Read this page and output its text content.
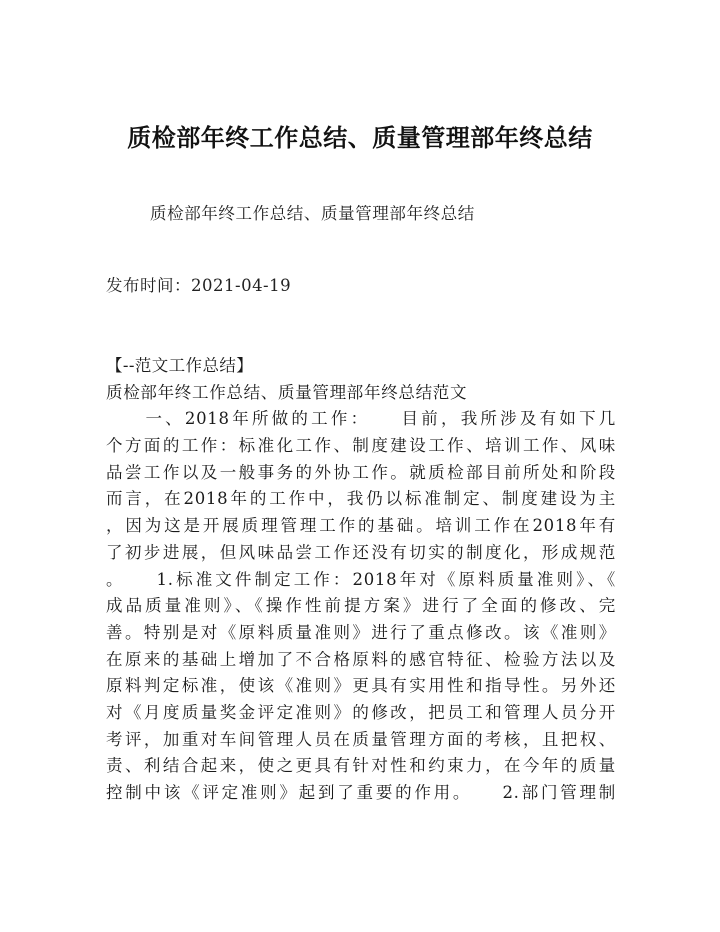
质检部年终工作总结、质量管理部年终总结
质检部年终工作总结、质量管理部年终总结
发布时间：2021-04-19
【--范文工作总结】
质检部年终工作总结、质量管理部年终总结范文
　　一、2018年所做的工作：　　目前，我所涉及有如下几
个方面的工作：标准化工作、制度建设工作、培训工作、风味
品尝工作以及一般事务的外协工作。就质检部目前所处和阶段
而言，在2018年的工作中，我仍以标准制定、制度建设为主
，因为这是开展质理管理工作的基础。培训工作在2018年有
了初步进展，但风味品尝工作还没有切实的制度化，形成规范
。　　1.标准文件制定工作：2018年对《原料质量准则》、《
成品质量准则》、《操作性前提方案》进行了全面的修改、完
善。特别是对《原料质量准则》进行了重点修改。该《准则》
在原来的基础上增加了不合格原料的感官特征、检验方法以及
原料判定标准，使该《准则》更具有实用性和指导性。另外还
对《月度质量奖金评定准则》的修改，把员工和管理人员分开
考评，加重对车间管理人员在质量管理方面的考核，且把权、
责、利结合起来，使之更具有针对性和约束力，在今年的质量
控制中该《评定准则》起到了重要的作用。　　2.部门管理制
